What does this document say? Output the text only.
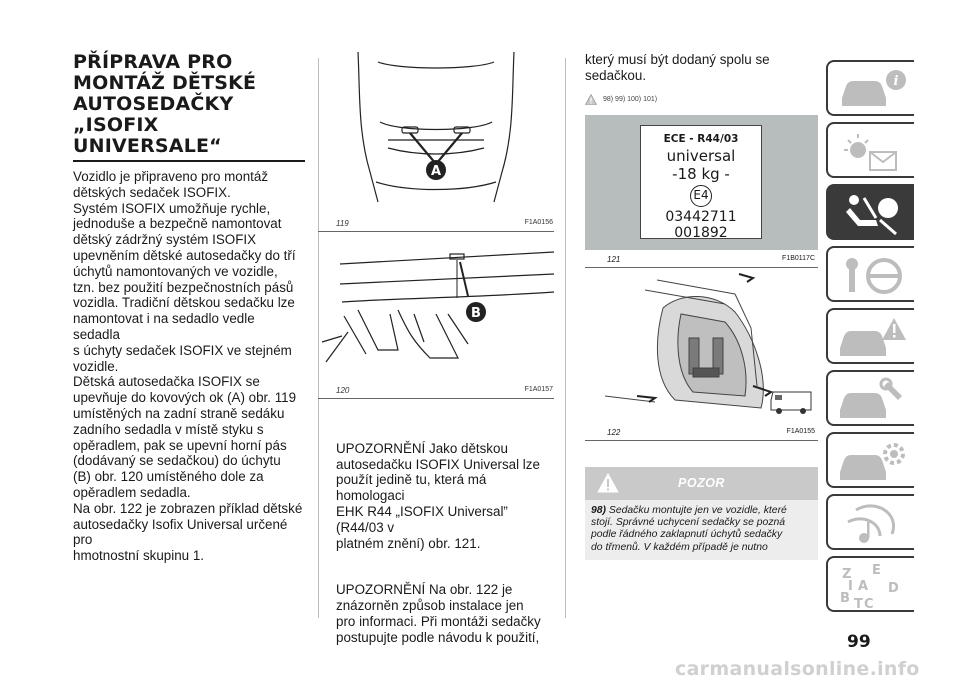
PŘÍPRAVA PRO
MONTÁŽ DĚTSKÉ
AUTOSEDAČKY
„ISOFIX
UNIVERSALE“
Vozidlo je připraveno pro montáž
dětských sedaček ISOFIX.
Systém ISOFIX umožňuje rychle,
jednoduše a bezpečně namontovat
dětský zádržný systém ISOFIX
upevněním dětské autosedačky do tří
úchytů namontovaných ve vozidle,
tzn. bez použití bezpečnostních pásů
vozidla. Tradiční dětskou sedačku lze
namontovat i na sedadlo vedle sedadla
s úchyty sedaček ISOFIX ve stejném
vozidle.
Dětská autosedačka ISOFIX se
upevňuje do kovových ok (A) obr. 119
umístěných na zadní straně sedáku
zadního sedadla v místě styku s
opěradlem, pak se upevní horní pás
(dodávaný se sedačkou) do úchytu
(B) obr. 120 umístěného dole za
opěradlem sedadla.
Na obr. 122 je zobrazen příklad dětské
autosedačky Isofix Universal určené pro
hmotnostní skupinu 1.
A
119	F1A0156
B
120	F1A0157

UPOZORNĚNÍ Jako dětskou
autosedačku ISOFIX Universal lze
použít jedině tu, která má homologaci
EHK R44 „ISOFIX Universal” (R44/03 v
platném znění) obr. 121.

UPOZORNĚNÍ Na obr. 122 je
znázorněn způsob instalace jen
pro informaci. Při montáži sedačky
postupujte podle návodu k použití,

který musí být dodaný spolu se
sedačkou.
98) 99) 100) 101)
ECE - R44/03
universal
-18 kg -
E4
03442711
001892
121	F1B0117C
122	F1A0155
POZOR
98) Sedačku montujte jen ve vozidle, které
stojí. Správné uchycení sedačky se pozná
podle řádného zaklapnutí úchytů sedačky
do třmenů. V každém případě je nutno
i
Z E
A
B C
D
T
I
99
carmanualsonline.info
